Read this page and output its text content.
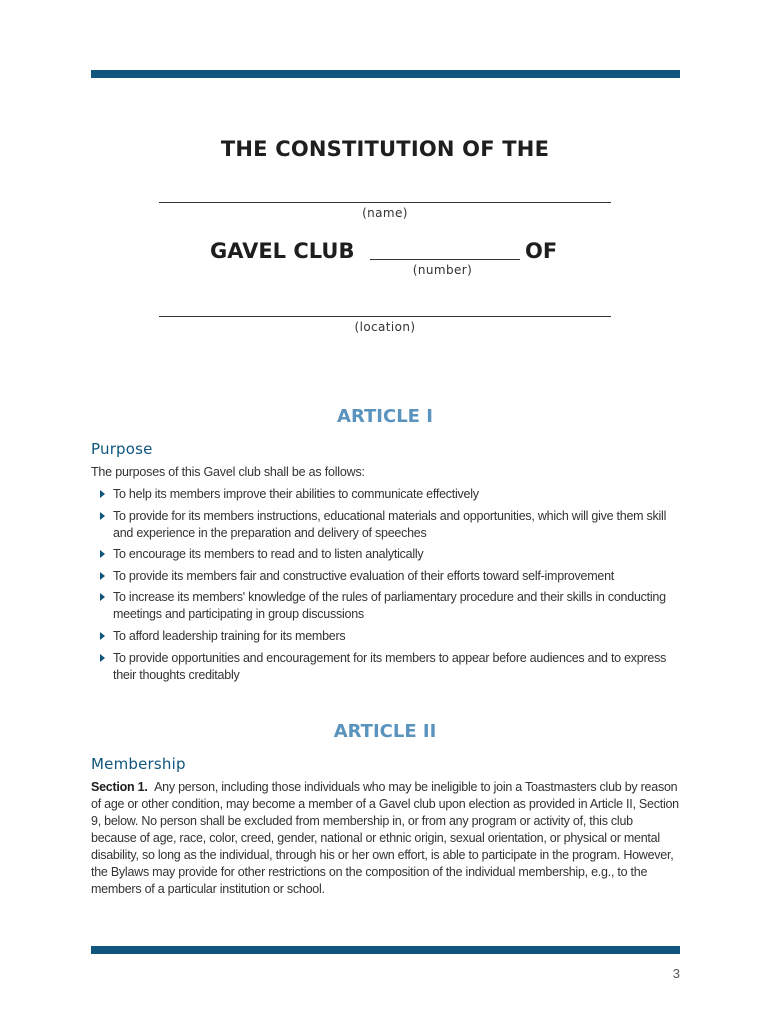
THE CONSTITUTION OF THE
(name)
GAVEL CLUB	OF
(number)
(location)
ARTICLE I
Purpose
The purposes of this Gavel club shall be as follows:
To help its members improve their abilities to communicate effectively
To provide for its members instructions, educational materials and opportunities, which will give them skill and experience in the preparation and delivery of speeches
To encourage its members to read and to listen analytically
To provide its members fair and constructive evaluation of their efforts toward self-improvement
To increase its members' knowledge of the rules of parliamentary procedure and their skills in conducting meetings and participating in group discussions
To afford leadership training for its members
To provide opportunities and encouragement for its members to appear before audiences and to express their thoughts creditably
ARTICLE II
Membership
Section 1. Any person, including those individuals who may be ineligible to join a Toastmasters club by reason of age or other condition, may become a member of a Gavel club upon election as provided in Article II, Section 9, below. No person shall be excluded from membership in, or from any program or activity of, this club because of age, race, color, creed, gender, national or ethnic origin, sexual orientation, or physical or mental disability, so long as the individual, through his or her own effort, is able to participate in the program. However, the Bylaws may provide for other restrictions on the composition of the individual membership, e.g., to the members of a particular institution or school.
3
